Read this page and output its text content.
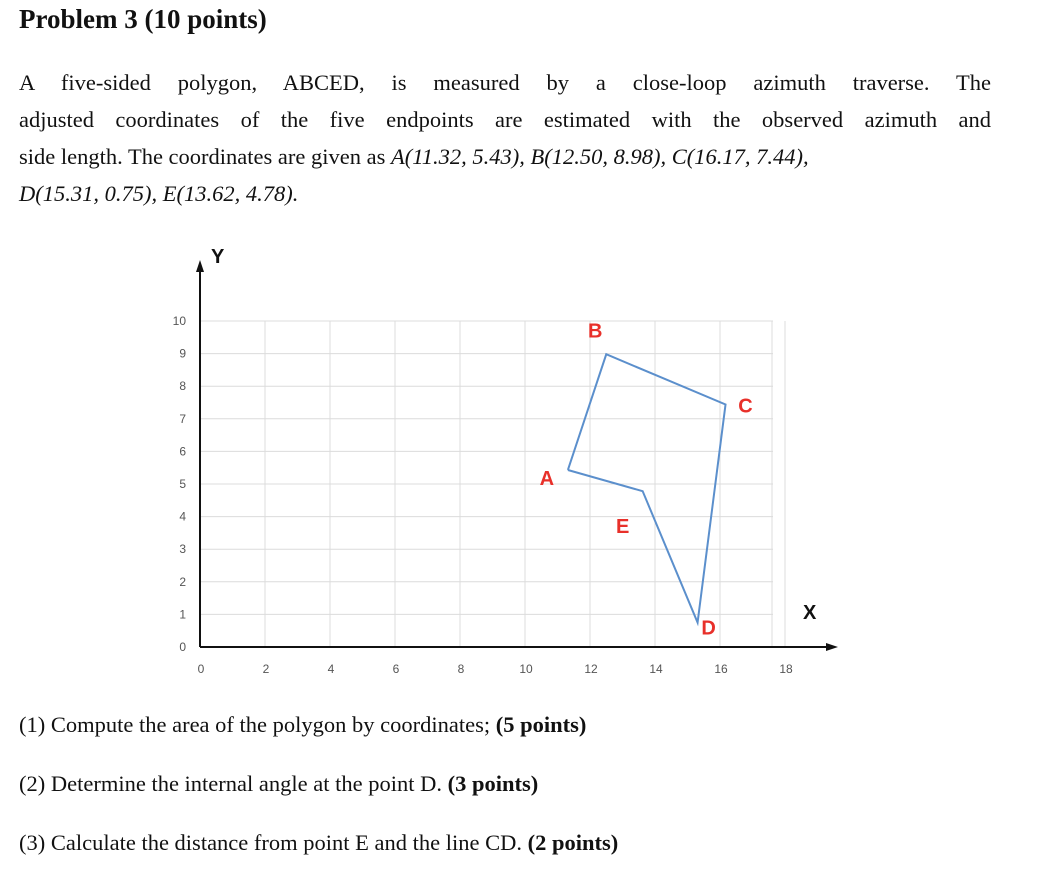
Problem 3 (10 points)
A five-sided polygon, ABCED, is measured by a close-loop azimuth traverse. The
adjusted coordinates of the five endpoints are estimated with the observed azimuth and
side length. The coordinates are given as A(11.32, 5.43), B(12.50, 8.98), C(16.17, 7.44),
D(15.31, 0.75), E(13.62, 4.78).
0
1
2
3
4
5
6
7
8
9
10
0	2	4	6	8	10	12	14	16	18
A
B
C
D
E
X
Y
(1) Compute the area of the polygon by coordinates; (5 points)
(2) Determine the internal angle at the point D. (3 points)
(3) Calculate the distance from point E and the line CD. (2 points)
